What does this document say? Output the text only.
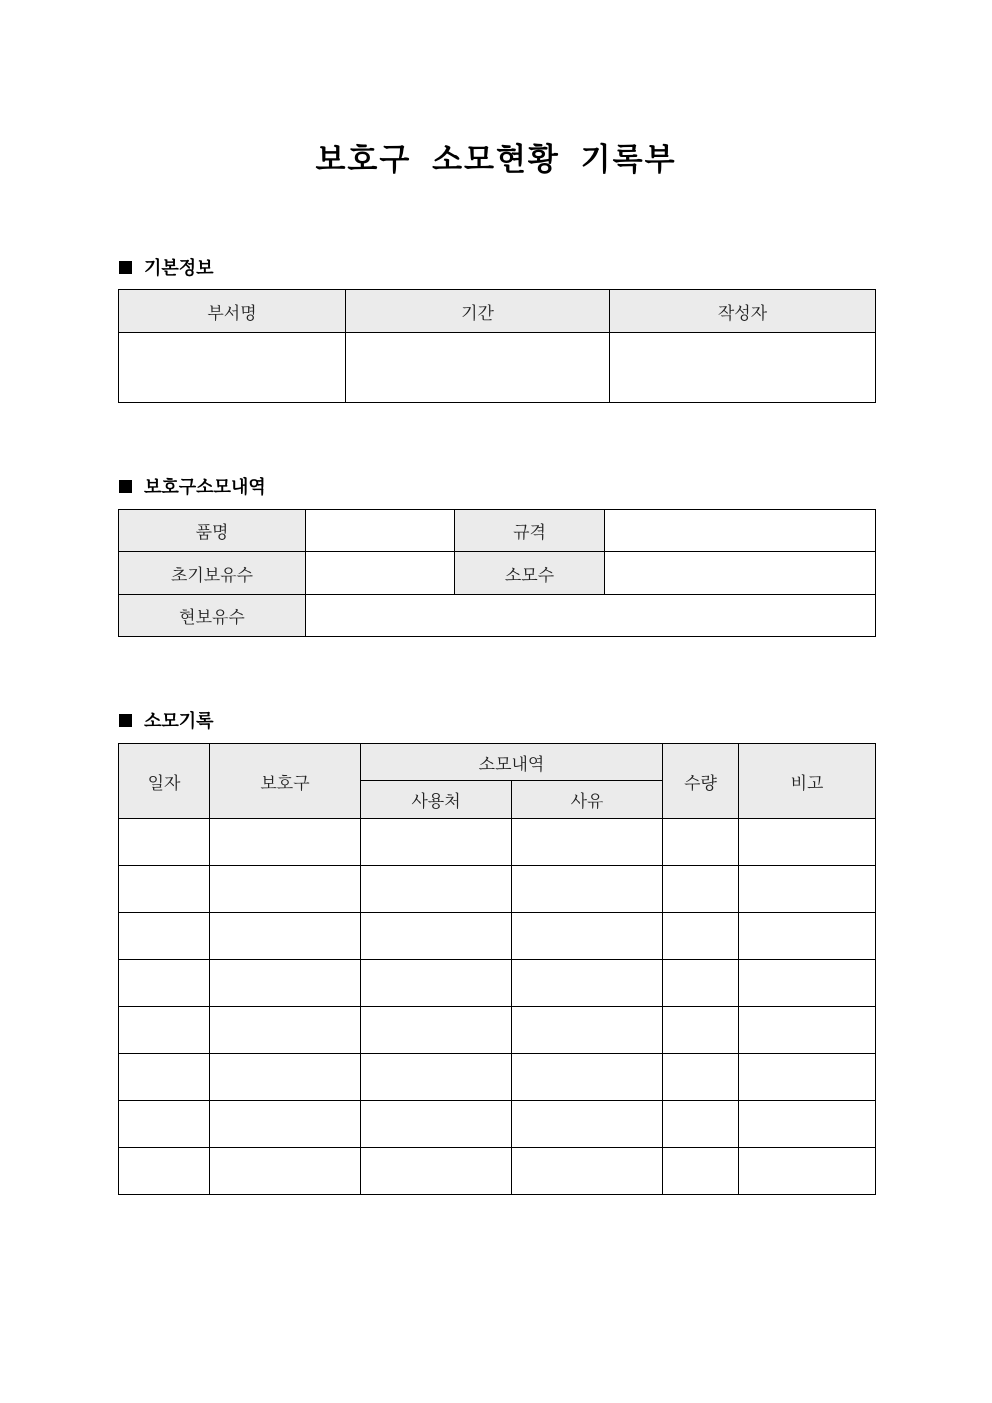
보호구 소모현황 기록부
기본정보
부서명	기간	작성자

보호구소모내역
품명		규격	
초기보유수		소모수	
현보유수			
소모기록
일자	보호구	소모내역		수량	비고
		사용처	사유		
